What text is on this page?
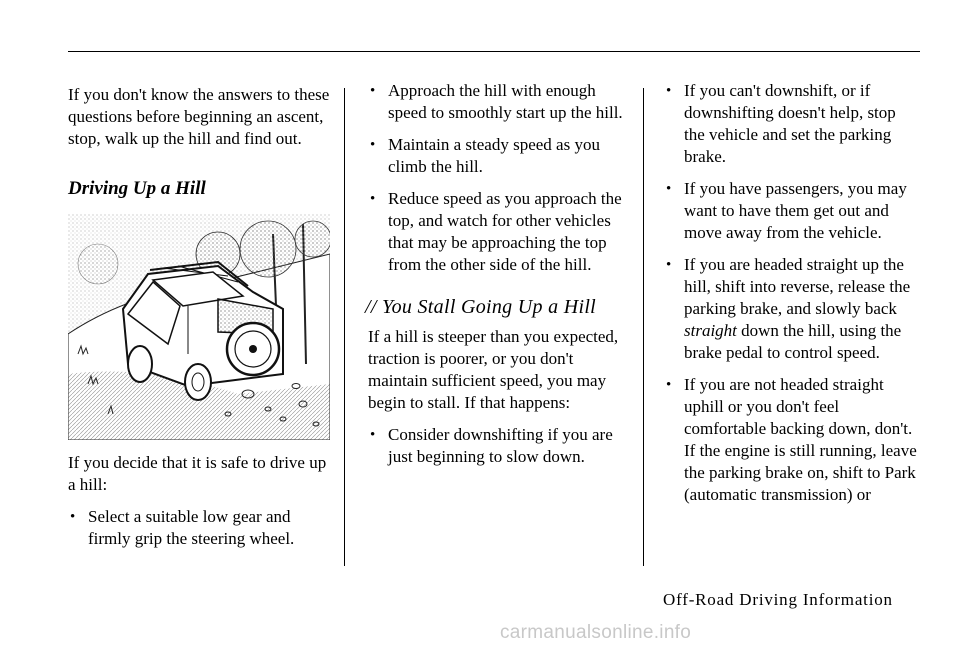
If you don't know the answers to these questions before beginning an ascent, stop, walk up the hill and find out.

Driving Up a Hill

If you decide that it is safe to drive up a hill:

• Select a suitable low gear and firmly grip the steering wheel.
• Approach the hill with enough speed to smoothly start up the hill.
• Maintain a steady speed as you climb the hill.
• Reduce speed as you approach the top, and watch for other vehicles that may be approaching the top from the other side of the hill.
// You Stall Going Up a Hill

If a hill is steeper than you expected, traction is poorer, or you don't maintain sufficient speed, you may begin to stall. If that happens:

• Consider downshifting if you are just beginning to slow down.
• If you can't downshift, or if downshifting doesn't help, stop the vehicle and set the parking brake.
• If you have passengers, you may want to have them get out and move away from the vehicle.
• If you are headed straight up the hill, shift into reverse, release the parking brake, and slowly back straight down the hill, using the brake pedal to control speed.
• If you are not headed straight uphill or you don't feel comfortable backing down, don't. If the engine is still running, leave the parking brake on, shift to Park (automatic transmission) or
Off-Road Driving Information
carmanualsonline.info
